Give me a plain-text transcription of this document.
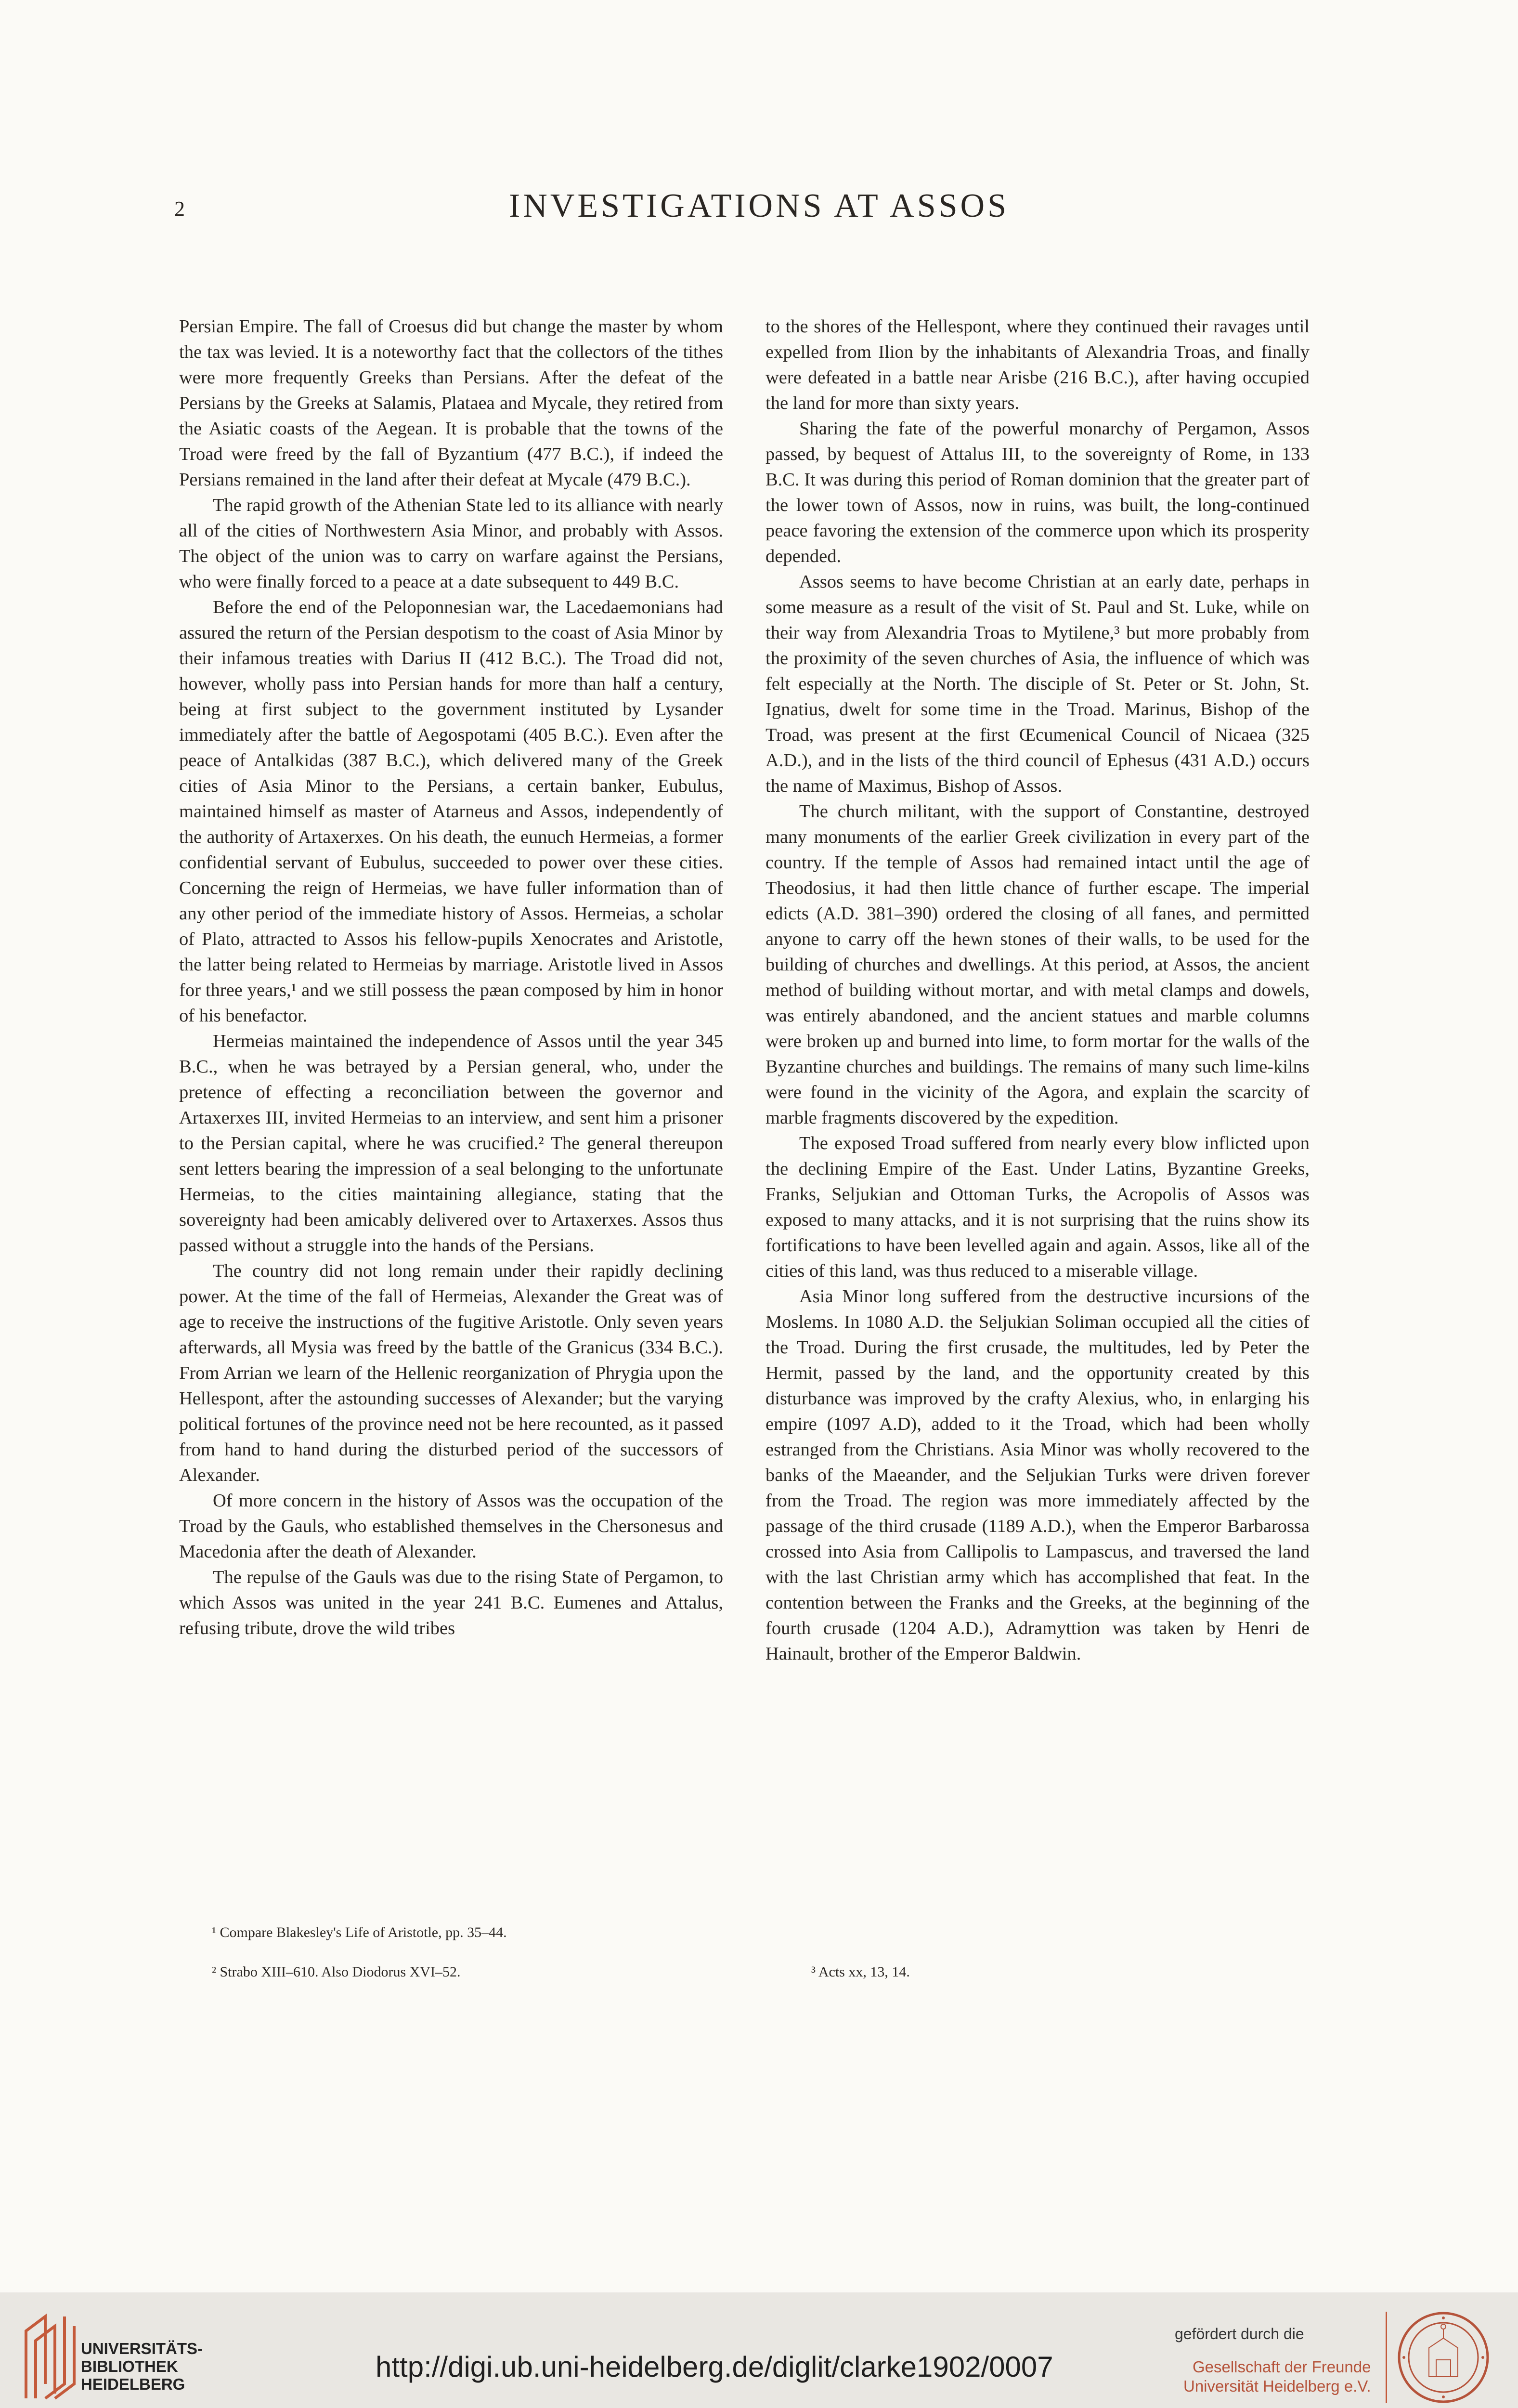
2	INVESTIGATIONS AT ASSOS

Persian Empire. The fall of Croesus did but change the master by whom the tax was levied. It is a noteworthy fact that the collectors of the tithes were more frequently Greeks than Persians. After the defeat of the Persians by the Greeks at Salamis, Plataea and Mycale, they retired from the Asiatic coasts of the Aegean. It is probable that the towns of the Troad were freed by the fall of Byzantium (477 B.C.), if indeed the Persians remained in the land after their defeat at Mycale (479 B.C.).

The rapid growth of the Athenian State led to its alliance with nearly all of the cities of Northwestern Asia Minor, and probably with Assos. The object of the union was to carry on warfare against the Persians, who were finally forced to a peace at a date subsequent to 449 B.C.

Before the end of the Peloponnesian war, the Lacedaemonians had assured the return of the Persian despotism to the coast of Asia Minor by their infamous treaties with Darius II (412 B.C.). The Troad did not, however, wholly pass into Persian hands for more than half a century, being at first subject to the government instituted by Lysander immediately after the battle of Aegospotami (405 B.C.). Even after the peace of Antalkidas (387 B.C.), which delivered many of the Greek cities of Asia Minor to the Persians, a certain banker, Eubulus, maintained himself as master of Atarneus and Assos, independently of the authority of Artaxerxes. On his death, the eunuch Hermeias, a former confidential servant of Eubulus, succeeded to power over these cities. Concerning the reign of Hermeias, we have fuller information than of any other period of the immediate history of Assos. Hermeias, a scholar of Plato, attracted to Assos his fellow-pupils Xenocrates and Aristotle, the latter being related to Hermeias by marriage. Aristotle lived in Assos for three years,¹ and we still possess the pæan composed by him in honor of his benefactor.

Hermeias maintained the independence of Assos until the year 345 B.C., when he was betrayed by a Persian general, who, under the pretence of effecting a reconciliation between the governor and Artaxerxes III, invited Hermeias to an interview, and sent him a prisoner to the Persian capital, where he was crucified.² The general thereupon sent letters bearing the impression of a seal belonging to the unfortunate Hermeias, to the cities maintaining allegiance, stating that the sovereignty had been amicably delivered over to Artaxerxes. Assos thus passed without a struggle into the hands of the Persians.

The country did not long remain under their rapidly declining power. At the time of the fall of Hermeias, Alexander the Great was of age to receive the instructions of the fugitive Aristotle. Only seven years afterwards, all Mysia was freed by the battle of the Granicus (334 B.C.). From Arrian we learn of the Hellenic reorganization of Phrygia upon the Hellespont, after the astounding successes of Alexander; but the varying political fortunes of the province need not be here recounted, as it passed from hand to hand during the disturbed period of the successors of Alexander.

Of more concern in the history of Assos was the occupation of the Troad by the Gauls, who established themselves in the Chersonesus and Macedonia after the death of Alexander.

The repulse of the Gauls was due to the rising State of Pergamon, to which Assos was united in the year 241 B.C. Eumenes and Attalus, refusing tribute, drove the wild tribes

to the shores of the Hellespont, where they continued their ravages until expelled from Ilion by the inhabitants of Alexandria Troas, and finally were defeated in a battle near Arisbe (216 B.C.), after having occupied the land for more than sixty years.

Sharing the fate of the powerful monarchy of Pergamon, Assos passed, by bequest of Attalus III, to the sovereignty of Rome, in 133 B.C. It was during this period of Roman dominion that the greater part of the lower town of Assos, now in ruins, was built, the long-continued peace favoring the extension of the commerce upon which its prosperity depended.

Assos seems to have become Christian at an early date, perhaps in some measure as a result of the visit of St. Paul and St. Luke, while on their way from Alexandria Troas to Mytilene,³ but more probably from the proximity of the seven churches of Asia, the influence of which was felt especially at the North. The disciple of St. Peter or St. John, St. Ignatius, dwelt for some time in the Troad. Marinus, Bishop of the Troad, was present at the first Œcumenical Council of Nicaea (325 A.D.), and in the lists of the third council of Ephesus (431 A.D.) occurs the name of Maximus, Bishop of Assos.

The church militant, with the support of Constantine, destroyed many monuments of the earlier Greek civilization in every part of the country. If the temple of Assos had remained intact until the age of Theodosius, it had then little chance of further escape. The imperial edicts (A.D. 381–390) ordered the closing of all fanes, and permitted anyone to carry off the hewn stones of their walls, to be used for the building of churches and dwellings. At this period, at Assos, the ancient method of building without mortar, and with metal clamps and dowels, was entirely abandoned, and the ancient statues and marble columns were broken up and burned into lime, to form mortar for the walls of the Byzantine churches and buildings. The remains of many such lime-kilns were found in the vicinity of the Agora, and explain the scarcity of marble fragments discovered by the expedition.

The exposed Troad suffered from nearly every blow inflicted upon the declining Empire of the East. Under Latins, Byzantine Greeks, Franks, Seljukian and Ottoman Turks, the Acropolis of Assos was exposed to many attacks, and it is not surprising that the ruins show its fortifications to have been levelled again and again. Assos, like all of the cities of this land, was thus reduced to a miserable village.

Asia Minor long suffered from the destructive incursions of the Moslems. In 1080 A.D. the Seljukian Soliman occupied all the cities of the Troad. During the first crusade, the multitudes, led by Peter the Hermit, passed by the land, and the opportunity created by this disturbance was improved by the crafty Alexius, who, in enlarging his empire (1097 A.D), added to it the Troad, which had been wholly estranged from the Christians. Asia Minor was wholly recovered to the banks of the Maeander, and the Seljukian Turks were driven forever from the Troad. The region was more immediately affected by the passage of the third crusade (1189 A.D.), when the Emperor Barbarossa crossed into Asia from Callipolis to Lampascus, and traversed the land with the last Christian army which has accomplished that feat. In the contention between the Franks and the Greeks, at the beginning of the fourth crusade (1204 A.D.), Adramyttion was taken by Henri de Hainault, brother of the Emperor Baldwin.

¹ Compare Blakesley's Life of Aristotle, pp. 35–44.
² Strabo XIII–610. Also Diodorus XVI–52.	³ Acts xx, 13, 14.
UNIVERSITÄTS-
BIBLIOTHEK
HEIDELBERG
http://digi.ub.uni-heidelberg.de/diglit/clarke1902/0007
gefördert durch die
Gesellschaft der Freunde
Universität Heidelberg e.V.
